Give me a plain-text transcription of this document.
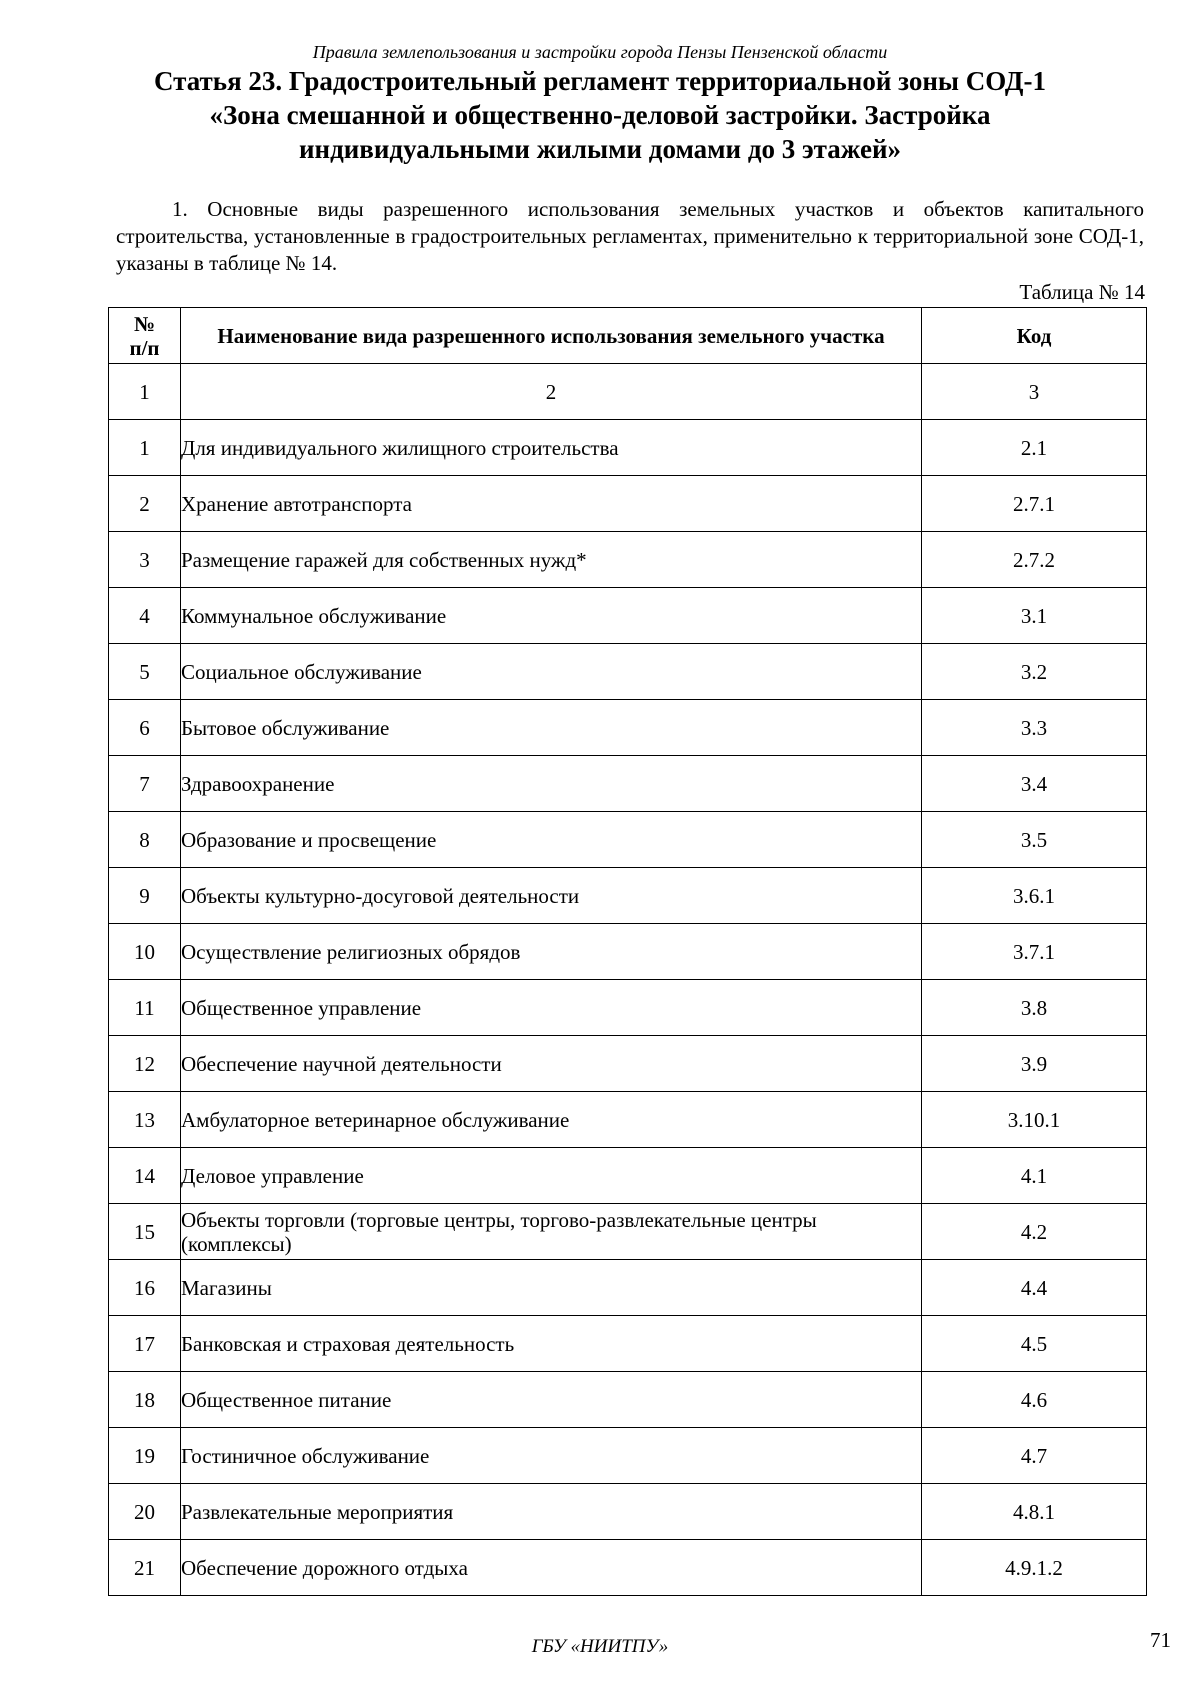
Правила землепользования и застройки города Пензы Пензенской области
Статья 23. Градостроительный регламент территориальной зоны СОД-1
«Зона смешанной и общественно-деловой застройки. Застройка
индивидуальными жилыми домами до 3 этажей»

1. Основные виды разрешенного использования земельных участков и объектов капитального строительства, установленные в градостроительных регламентах, применительно к территориальной зоне СОД-1, указаны в таблице № 14.

Таблица № 14
№ п/п	Наименование вида разрешенного использования земельного участка	Код
1	2	3
1	Для индивидуального жилищного строительства	2.1
2	Хранение автотранспорта	2.7.1
3	Размещение гаражей для собственных нужд*	2.7.2
4	Коммунальное обслуживание	3.1
5	Социальное обслуживание	3.2
6	Бытовое обслуживание	3.3
7	Здравоохранение	3.4
8	Образование и просвещение	3.5
9	Объекты культурно-досуговой деятельности	3.6.1
10	Осуществление религиозных обрядов	3.7.1
11	Общественное управление	3.8
12	Обеспечение научной деятельности	3.9
13	Амбулаторное ветеринарное обслуживание	3.10.1
14	Деловое управление	4.1
15	Объекты торговли (торговые центры, торгово-развлекательные центры (комплексы)	4.2
16	Магазины	4.4
17	Банковская и страховая деятельность	4.5
18	Общественное питание	4.6
19	Гостиничное обслуживание	4.7
20	Развлекательные мероприятия	4.8.1
21	Обеспечение дорожного отдыха	4.9.1.2
ГБУ «НИИТПУ»	71
